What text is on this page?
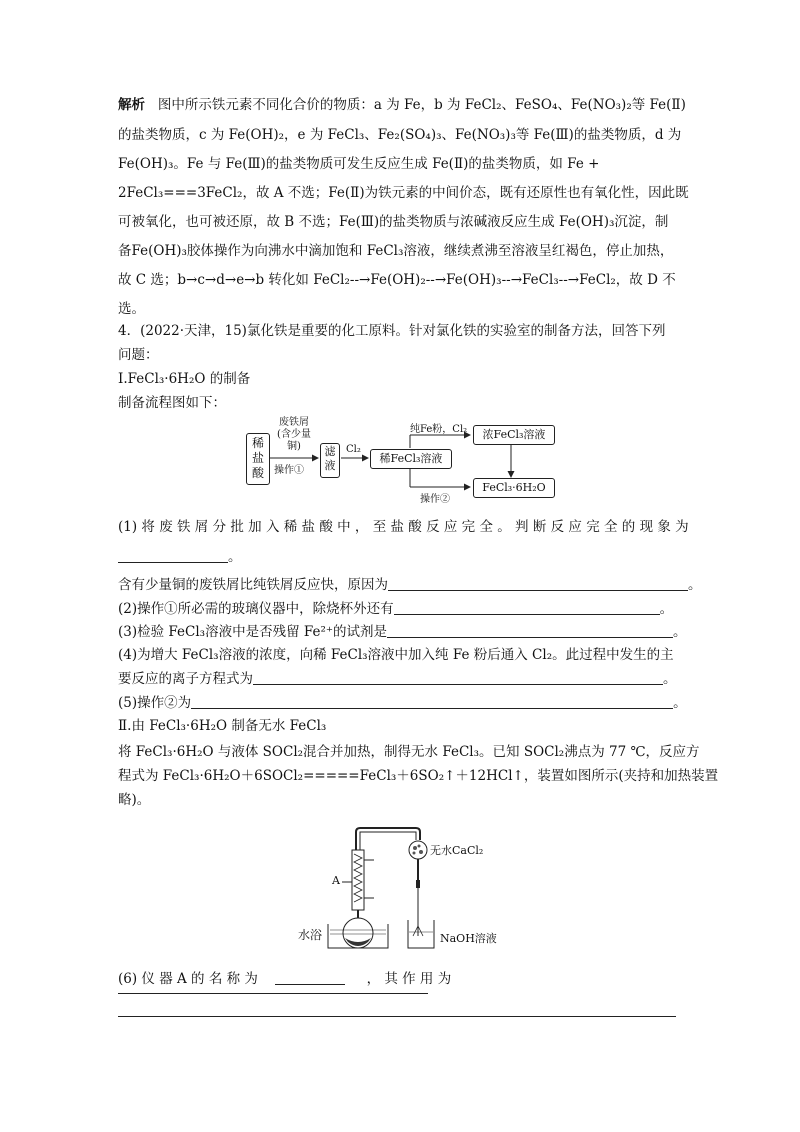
解析 图中所示铁元素不同化合价的物质：a 为 Fe，b 为 FeCl₂、FeSO₄、Fe(NO₃)₂等 Fe(Ⅱ)
的盐类物质，c 为 Fe(OH)₂，e 为 FeCl₃、Fe₂(SO₄)₃、Fe(NO₃)₃等 Fe(Ⅲ)的盐类物质，d 为
Fe(OH)₃。Fe 与 Fe(Ⅲ)的盐类物质可发生反应生成 Fe(Ⅱ)的盐类物质，如 Fe +
2FeCl₃===3FeCl₂，故 A 不选；Fe(Ⅱ)为铁元素的中间价态，既有还原性也有氧化性，因此既
可被氧化，也可被还原，故 B 不选；Fe(Ⅲ)的盐类物质与浓碱液反应生成 Fe(OH)₃沉淀，制
备Fe(OH)₃胶体操作为向沸水中滴加饱和 FeCl₃溶液，继续煮沸至溶液呈红褐色，停止加热，
故 C 选；b→c→d→e→b 转化如 FeCl₂--→Fe(OH)₂--→Fe(OH)₃--→FeCl₃--→FeCl₂，故 D 不
选。
4．(2022·天津，15)氯化铁是重要的化工原料。针对氯化铁的实验室的制备方法，回答下列
问题：
Ⅰ.FeCl₃·6H₂O 的制备
制备流程图如下：
稀盐酸
废铁屑(含少量铜)
操作①
滤液
Cl₂
稀FeCl₃溶液
纯Fe粉，Cl₂	浓FeCl₃溶液
操作②
FeCl₃·6H₂O
(1) 将 废 铁 屑 分 批 加 入 稀 盐 酸 中 ， 至 盐 酸 反 应 完 全 。 判 断 反 应 完 全 的 现 象 为
。
含有少量铜的废铁屑比纯铁屑反应快，原因为	。
(2)操作①所必需的玻璃仪器中，除烧杯外还有	。
(3)检验 FeCl₃溶液中是否残留 Fe²⁺的试剂是	。
(4)为增大 FeCl₃溶液的浓度，向稀 FeCl₃溶液中加入纯 Fe 粉后通入 Cl₂。此过程中发生的主
要反应的离子方程式为	。
(5)操作②为	。
Ⅱ.由 FeCl₃·6H₂O 制备无水 FeCl₃
将 FeCl₃·6H₂O 与液体 SOCl₂混合并加热，制得无水 FeCl₃。已知 SOCl₂沸点为 77 ℃，反应方
程式为 FeCl₃·6H₂O＋6SOCl₂=====FeCl₃＋6SO₂↑＋12HCl↑，装置如图所示(夹持和加热装置
略)。
A
水浴
无水CaCl₂
NaOH溶液
(6) 仪 器 A 的 名 称 为	， 其 作 用 为
